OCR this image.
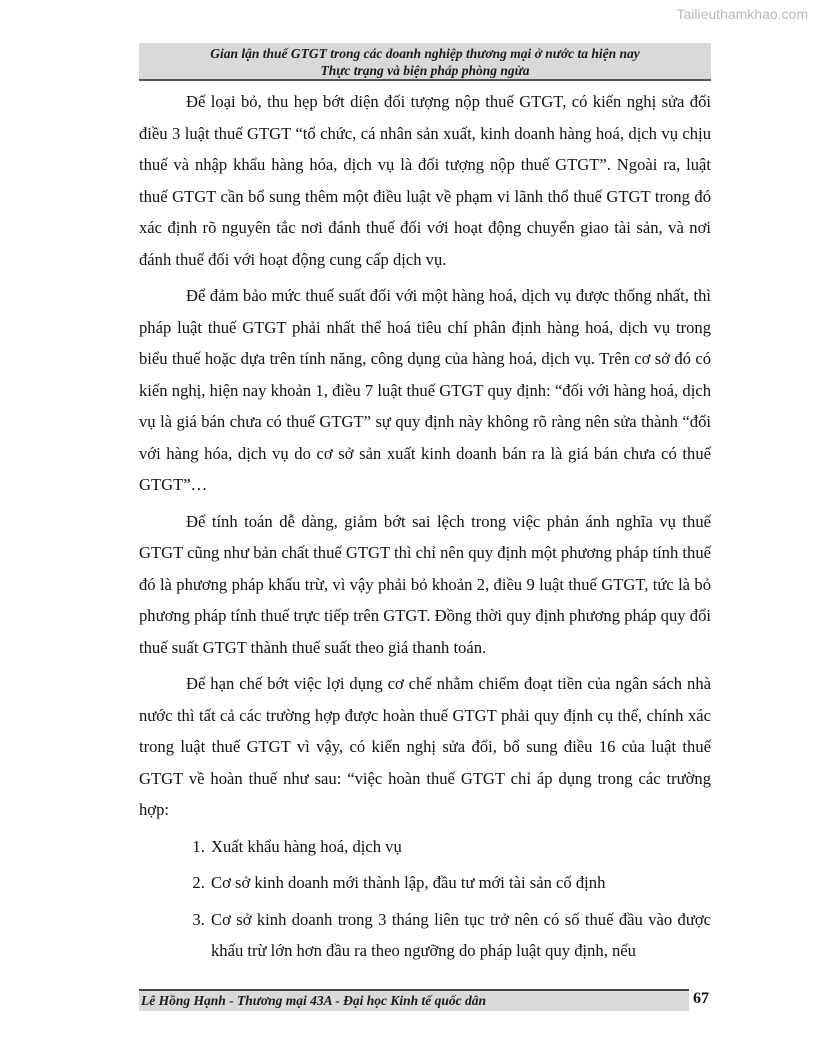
Tailieuthamkhao.com
Gian lận thuế GTGT trong các doanh nghiệp thương mại ở nước ta hiện nay
Thực trạng và biện pháp phòng ngừa

Để loại bỏ, thu hẹp bớt diện đối tượng nộp thuế GTGT, có kiến nghị sửa đổi điều 3 luật thuế GTGT “tổ chức, cá nhân sản xuất, kinh doanh hàng hoá, dịch vụ chịu thuế và nhập khẩu hàng hóa, dịch vụ là đối tượng nộp thuế GTGT”. Ngoài ra, luật thuế GTGT cần bổ sung thêm một điều luật về phạm vi lãnh thổ thuế GTGT trong đó xác định rõ nguyên tắc nơi đánh thuế đối với hoạt động chuyển giao tài sản, và nơi đánh thuế đối với hoạt động cung cấp dịch vụ.

Để đảm bảo mức thuế suất đối với một hàng hoá, dịch vụ được thống nhất, thì pháp luật thuế GTGT phải nhất thể hoá tiêu chí phân định hàng hoá, dịch vụ trong biểu thuế hoặc dựa trên tính năng, công dụng của hàng hoá, dịch vụ. Trên cơ sở đó có kiến nghị, hiện nay khoản 1, điều 7 luật thuế GTGT quy định: “đối với hàng hoá, dịch vụ là giá bán chưa có thuế GTGT” sự quy định này không rõ ràng nên sửa thành “đối với hàng hóa, dịch vụ do cơ sở sản xuất kinh doanh bán ra là giá bán chưa có thuế GTGT”…

Để tính toán dễ dàng, giảm bớt sai lệch trong việc phản ánh nghĩa vụ thuế GTGT cũng như bản chất thuế GTGT thì chỉ nên quy định một phương pháp tính thuế đó là phương pháp khấu trừ, vì vậy phải bỏ khoản 2, điều 9 luật thuế GTGT, tức là bỏ phương pháp tính thuế trực tiếp trên GTGT. Đồng thời quy định phương pháp quy đổi thuế suất GTGT thành thuế suất theo giá thanh toán.

Để hạn chế bớt việc lợi dụng cơ chế nhằm chiếm đoạt tiền của ngân sách nhà nước thì tất cả các trường hợp được hoàn thuế GTGT phải quy định cụ thể, chính xác trong luật thuế GTGT vì vậy, có kiến nghị sửa đổi, bổ sung điều 16 của luật thuế GTGT về hoàn thuế như sau: “việc hoàn thuế GTGT chỉ áp dụng trong các trường hợp:

1. Xuất khẩu hàng hoá, dịch vụ
2. Cơ sở kinh doanh mới thành lập, đầu tư mới tài sản cố định
3. Cơ sở kinh doanh trong 3 tháng liên tục trở nên có số thuế đầu vào được khấu trừ lớn hơn đầu ra theo ngưỡng do pháp luật quy định, nếu
Lê Hồng Hạnh - Thương mại 43A - Đại học Kinh tế quốc dân	67
